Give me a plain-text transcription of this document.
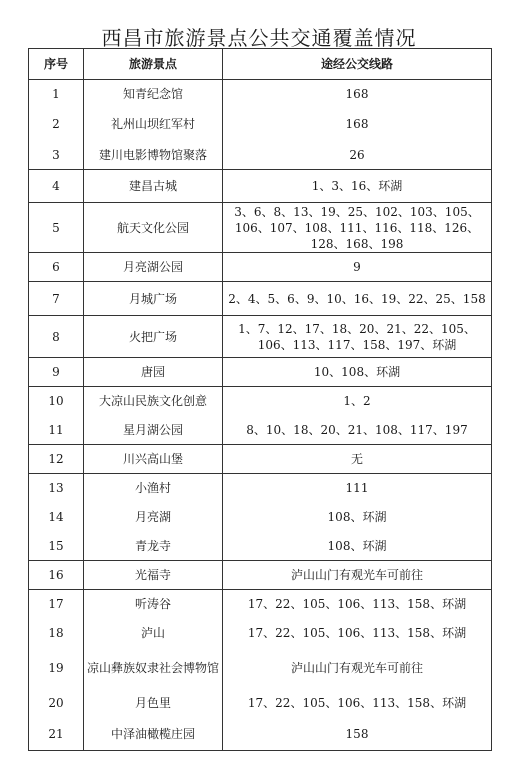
西昌市旅游景点公共交通覆盖情况
序号	旅游景点	途经公交线路
1	知青纪念馆	168
2	礼州山坝红军村	168
3	建川电影博物馆聚落	26
4	建昌古城	1、3、16、环湖
5	航天文化公园	3、6、8、13、19、25、102、103、105、106、107、108、111、116、118、126、128、168、198
6	月亮湖公园	9
7	月城广场	2、4、5、6、9、10、16、19、22、25、158
8	火把广场	1、7、12、17、18、20、21、22、105、106、113、117、158、197、环湖
9	唐园	10、108、环湖
10	大凉山民族文化创意	1、2
11	星月湖公园	8、10、18、20、21、108、117、197
12	川兴高山堡	无
13	小渔村	111
14	月亮湖	108、环湖
15	青龙寺	108、环湖
16	光福寺	泸山山门有观光车可前往
17	听涛谷	17、22、105、106、113、158、环湖
18	泸山	17、22、105、106、113、158、环湖
19	凉山彝族奴隶社会博物馆	泸山山门有观光车可前往
20	月色里	17、22、105、106、113、158、环湖
21	中泽油橄榄庄园	158
